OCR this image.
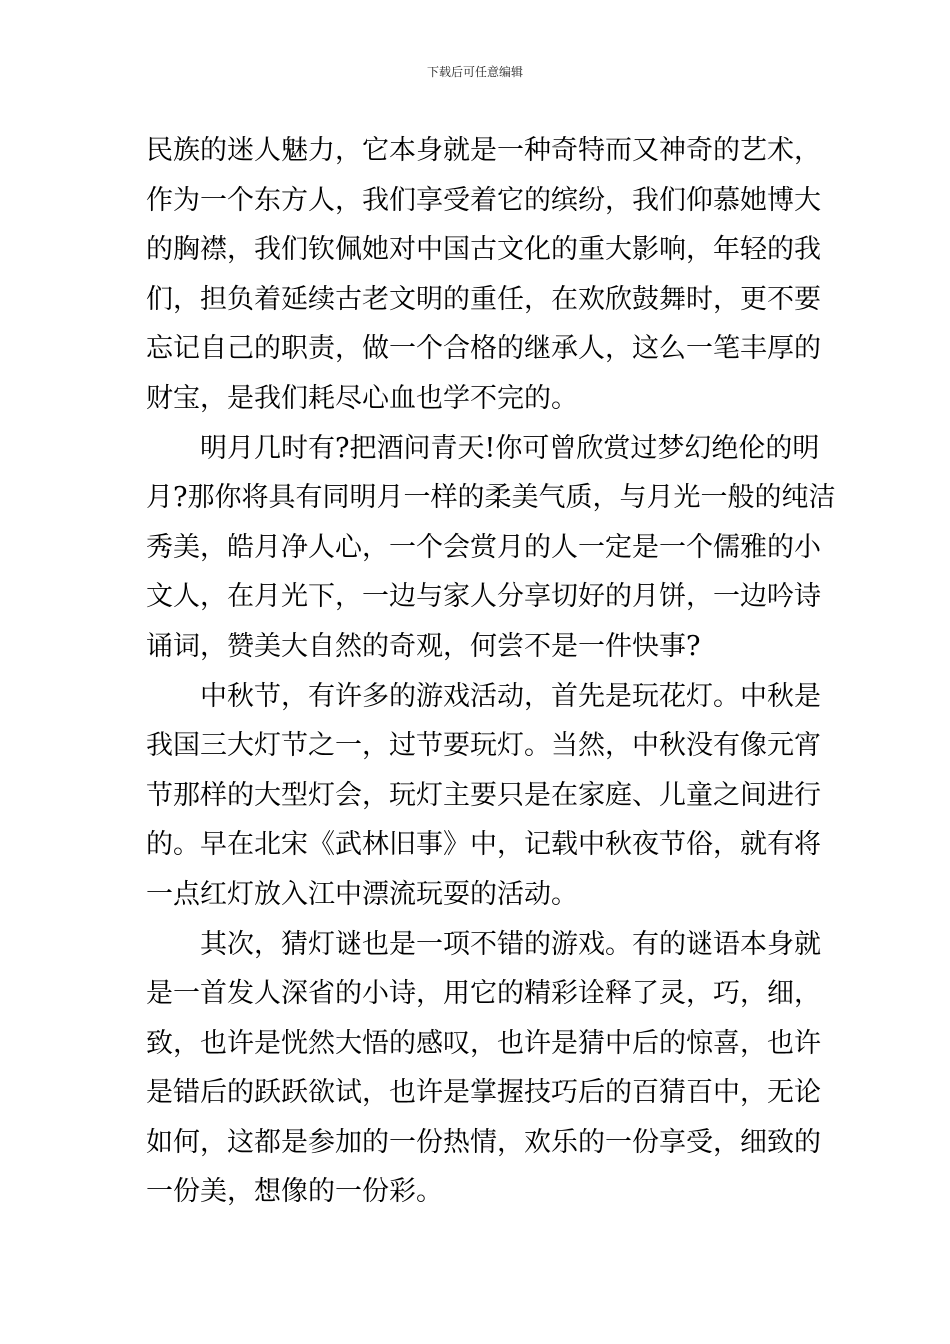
下载后可任意编辑

民族的迷人魅力，它本身就是一种奇特而又神奇的艺术，
作为一个东方人，我们享受着它的缤纷，我们仰慕她博大
的胸襟，我们钦佩她对中国古文化的重大影响，年轻的我
们，担负着延续古老文明的重任，在欢欣鼓舞时，更不要
忘记自己的职责，做一个合格的继承人，这么一笔丰厚的
财宝，是我们耗尽心血也学不完的。

明月几时有?把酒问青天!你可曾欣赏过梦幻绝伦的明
月?那你将具有同明月一样的柔美气质，与月光一般的纯洁
秀美，皓月净人心，一个会赏月的人一定是一个儒雅的小
文人，在月光下，一边与家人分享切好的月饼，一边吟诗
诵词，赞美大自然的奇观，何尝不是一件快事?

中秋节，有许多的游戏活动，首先是玩花灯。中秋是
我国三大灯节之一，过节要玩灯。当然，中秋没有像元宵
节那样的大型灯会，玩灯主要只是在家庭、儿童之间进行
的。早在北宋《武林旧事》中，记载中秋夜节俗，就有将
一点红灯放入江中漂流玩耍的活动。

其次，猜灯谜也是一项不错的游戏。有的谜语本身就
是一首发人深省的小诗，用它的精彩诠释了灵，巧，细，
致，也许是恍然大悟的感叹，也许是猜中后的惊喜，也许
是错后的跃跃欲试，也许是掌握技巧后的百猜百中，无论
如何，这都是参加的一份热情，欢乐的一份享受，细致的
一份美，想像的一份彩。
